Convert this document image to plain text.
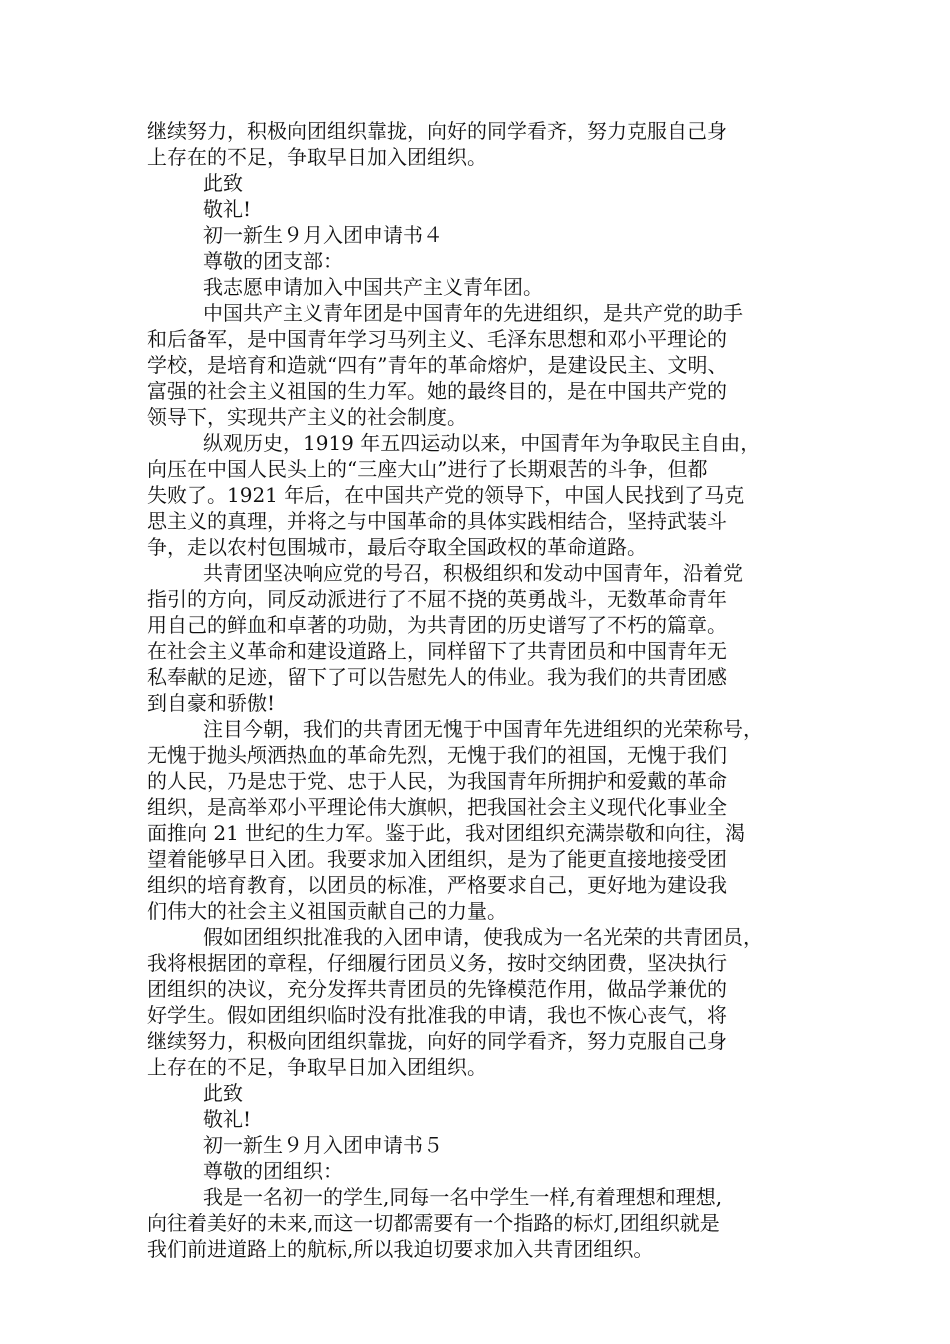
继续努力，积极向团组织靠拢，向好的同学看齐，努力克服自己身
上存在的不足，争取早日加入团组织。
此致
敬礼!
初一新生９月入团申请书４
尊敬的团支部：
我志愿申请加入中国共产主义青年团。
中国共产主义青年团是中国青年的先进组织，是共产党的助手
和后备军，是中国青年学习马列主义、毛泽东思想和邓小平理论的
学校，是培育和造就“四有”青年的革命熔炉，是建设民主、文明、
富强的社会主义祖国的生力军。她的最终目的，是在中国共产党的
领导下，实现共产主义的社会制度。
纵观历史，1919 年五四运动以来，中国青年为争取民主自由，
向压在中国人民头上的“三座大山”进行了长期艰苦的斗争，但都
失败了。1921 年后，在中国共产党的领导下，中国人民找到了马克
思主义的真理，并将之与中国革命的具体实践相结合，坚持武装斗
争，走以农村包围城市，最后夺取全国政权的革命道路。
共青团坚决响应党的号召，积极组织和发动中国青年，沿着党
指引的方向，同反动派进行了不屈不挠的英勇战斗，无数革命青年
用自己的鲜血和卓著的功勋，为共青团的历史谱写了不朽的篇章。
在社会主义革命和建设道路上，同样留下了共青团员和中国青年无
私奉献的足迹，留下了可以告慰先人的伟业。我为我们的共青团感
到自豪和骄傲!
注目今朝，我们的共青团无愧于中国青年先进组织的光荣称号，
无愧于抛头颅洒热血的革命先烈，无愧于我们的祖国，无愧于我们
的人民，乃是忠于党、忠于人民，为我国青年所拥护和爱戴的革命
组织，是高举邓小平理论伟大旗帜，把我国社会主义现代化事业全
面推向 21 世纪的生力军。鉴于此，我对团组织充满崇敬和向往，渴
望着能够早日入团。我要求加入团组织，是为了能更直接地接受团
组织的培育教育，以团员的标准，严格要求自己，更好地为建设我
们伟大的社会主义祖国贡献自己的力量。
假如团组织批准我的入团申请，使我成为一名光荣的共青团员，
我将根据团的章程，仔细履行团员义务，按时交纳团费，坚决执行
团组织的决议，充分发挥共青团员的先锋模范作用，做品学兼优的
好学生。假如团组织临时没有批准我的申请，我也不恢心丧气，将
继续努力，积极向团组织靠拢，向好的同学看齐，努力克服自己身
上存在的不足，争取早日加入团组织。
此致
敬礼!
初一新生９月入团申请书５
尊敬的团组织：
我是一名初一的学生,同每一名中学生一样,有着理想和理想,
向往着美好的未来,而这一切都需要有一个指路的标灯,团组织就是
我们前进道路上的航标,所以我迫切要求加入共青团组织。
